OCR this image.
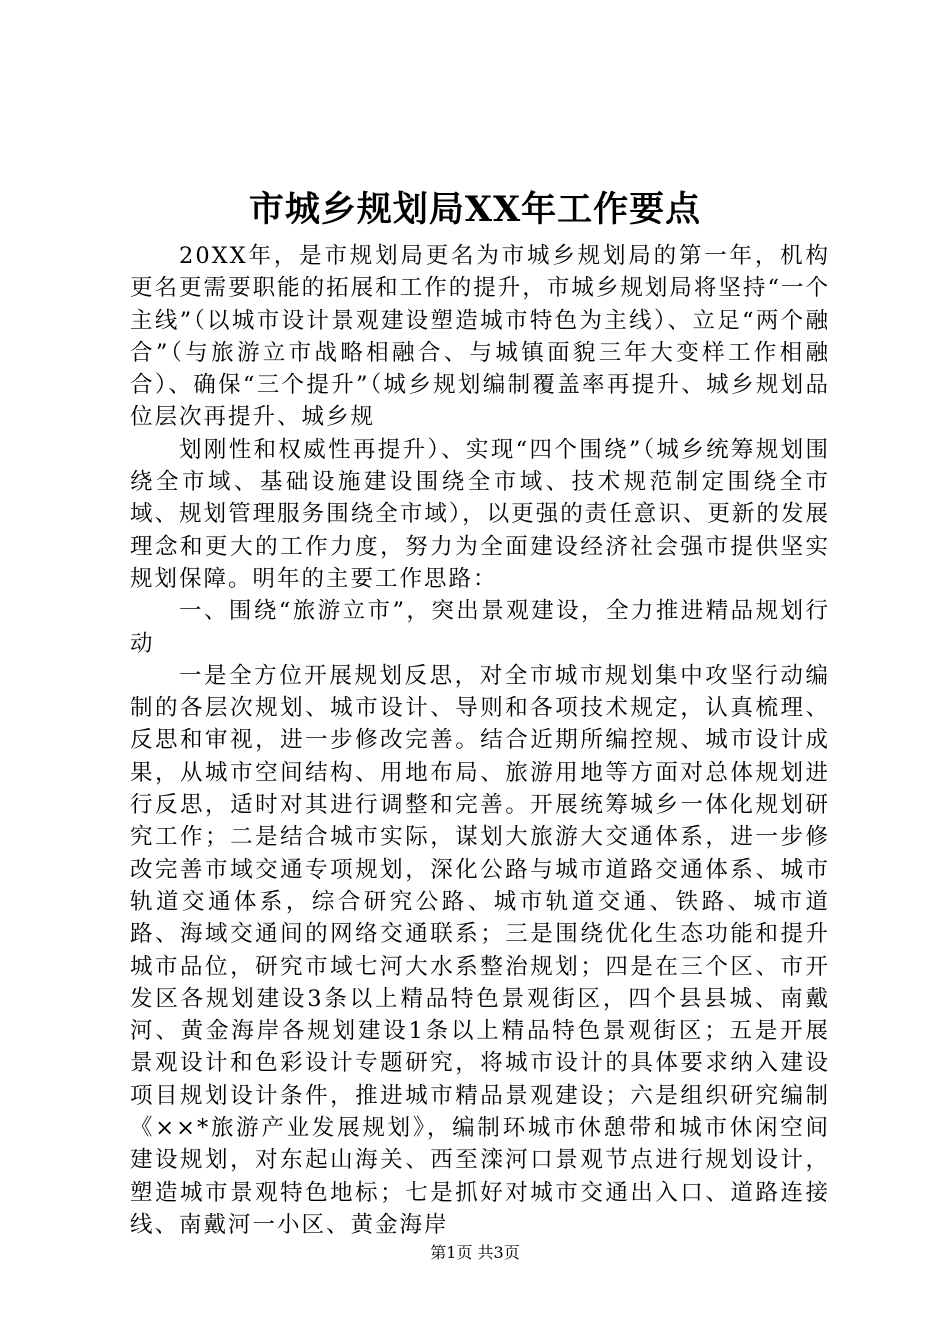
市城乡规划局XX年工作要点

20XX年，是市规划局更名为市城乡规划局的第一年，机构更名更需要职能的拓展和工作的提升，市城乡规划局将坚持“一个主线”（以城市设计景观建设塑造城市特色为主线）、立足“两个融合”（与旅游立市战略相融合、与城镇面貌三年大变样工作相融合）、确保“三个提升”（城乡规划编制覆盖率再提升、城乡规划品位层次再提升、城乡规

划刚性和权威性再提升）、实现“四个围绕”（城乡统筹规划围绕全市域、基础设施建设围绕全市域、技术规范制定围绕全市域、规划管理服务围绕全市域），以更强的责任意识、更新的发展理念和更大的工作力度，努力为全面建设经济社会强市提供坚实规划保障。明年的主要工作思路：

一、围绕“旅游立市”，突出景观建设，全力推进精品规划行动

一是全方位开展规划反思，对全市城市规划集中攻坚行动编制的各层次规划、城市设计、导则和各项技术规定，认真梳理、反思和审视，进一步修改完善。结合近期所编控规、城市设计成果，从城市空间结构、用地布局、旅游用地等方面对总体规划进行反思，适时对其进行调整和完善。开展统筹城乡一体化规划研究工作；二是结合城市实际，谋划大旅游大交通体系，进一步修改完善市域交通专项规划，深化公路与城市道路交通体系、城市轨道交通体系，综合研究公路、城市轨道交通、铁路、城市道路、海域交通间的网络交通联系；三是围绕优化生态功能和提升城市品位，研究市域七河大水系整治规划；四是在三个区、市开发区各规划建设3条以上精品特色景观街区，四个县县城、南戴河、黄金海岸各规划建设1条以上精品特色景观街区；五是开展景观设计和色彩设计专题研究，将城市设计的具体要求纳入建设项目规划设计条件，推进城市精品景观建设；六是组织研究编制《××*旅游产业发展规划》，编制环城市休憩带和城市休闲空间建设规划，对东起山海关、西至滦河口景观节点进行规划设计，塑造城市景观特色地标；七是抓好对城市交通出入口、道路连接线、南戴河一小区、黄金海岸

第1页 共3页
